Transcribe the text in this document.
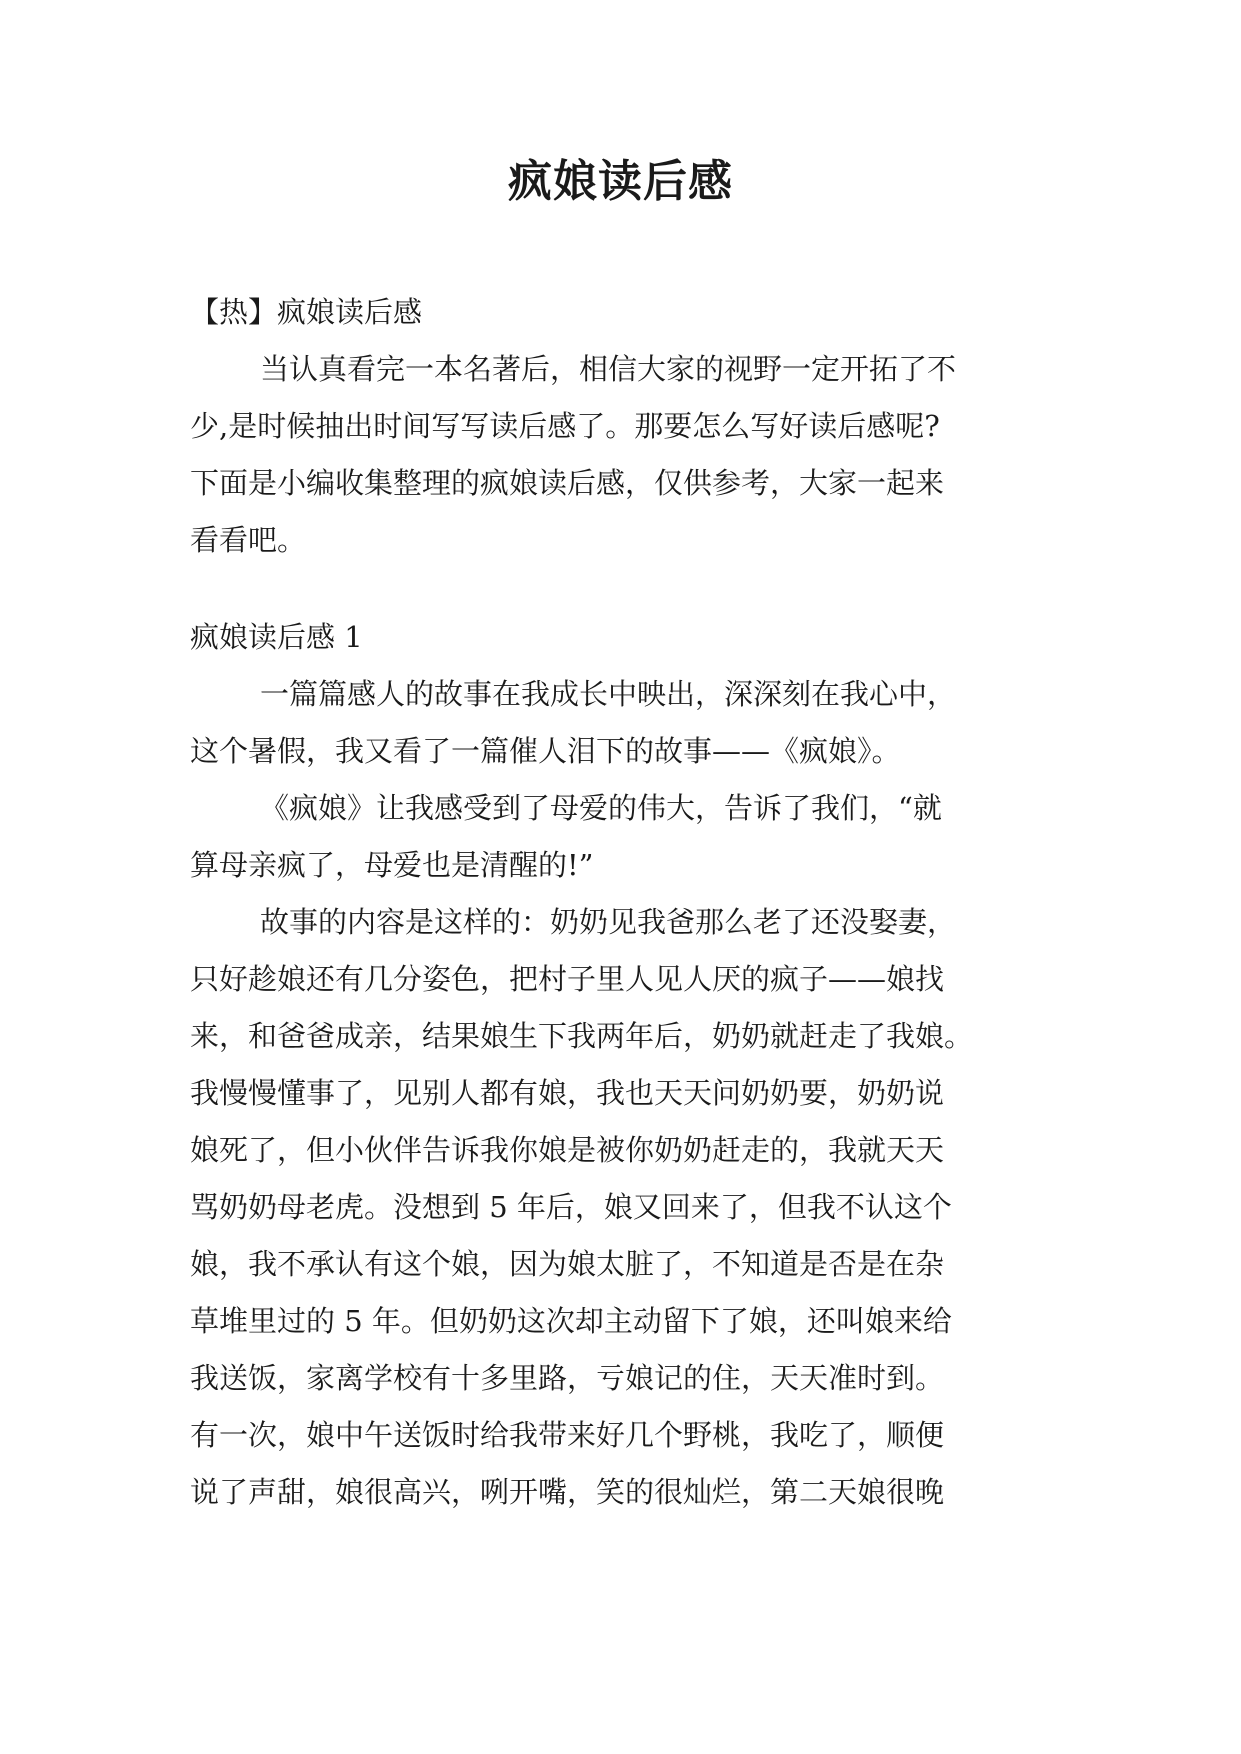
疯娘读后感
【热】疯娘读后感
当认真看完一本名著后，相信大家的视野一定开拓了不
少,是时候抽出时间写写读后感了。那要怎么写好读后感呢?
下面是小编收集整理的疯娘读后感，仅供参考，大家一起来
看看吧。
疯娘读后感 1
一篇篇感人的故事在我成长中映出，深深刻在我心中，
这个暑假，我又看了一篇催人泪下的故事——《疯娘》。
《疯娘》让我感受到了母爱的伟大，告诉了我们，“就
算母亲疯了，母爱也是清醒的!”
故事的内容是这样的：奶奶见我爸那么老了还没娶妻，
只好趁娘还有几分姿色，把村子里人见人厌的疯子——娘找
来，和爸爸成亲，结果娘生下我两年后，奶奶就赶走了我娘。
我慢慢懂事了，见别人都有娘，我也天天问奶奶要，奶奶说
娘死了，但小伙伴告诉我你娘是被你奶奶赶走的，我就天天
骂奶奶母老虎。没想到 5 年后，娘又回来了，但我不认这个
娘，我不承认有这个娘，因为娘太脏了，不知道是否是在杂
草堆里过的 5 年。但奶奶这次却主动留下了娘，还叫娘来给
我送饭，家离学校有十多里路，亏娘记的住，天天准时到。
有一次，娘中午送饭时给我带来好几个野桃，我吃了，顺便
说了声甜，娘很高兴，咧开嘴，笑的很灿烂，第二天娘很晚
